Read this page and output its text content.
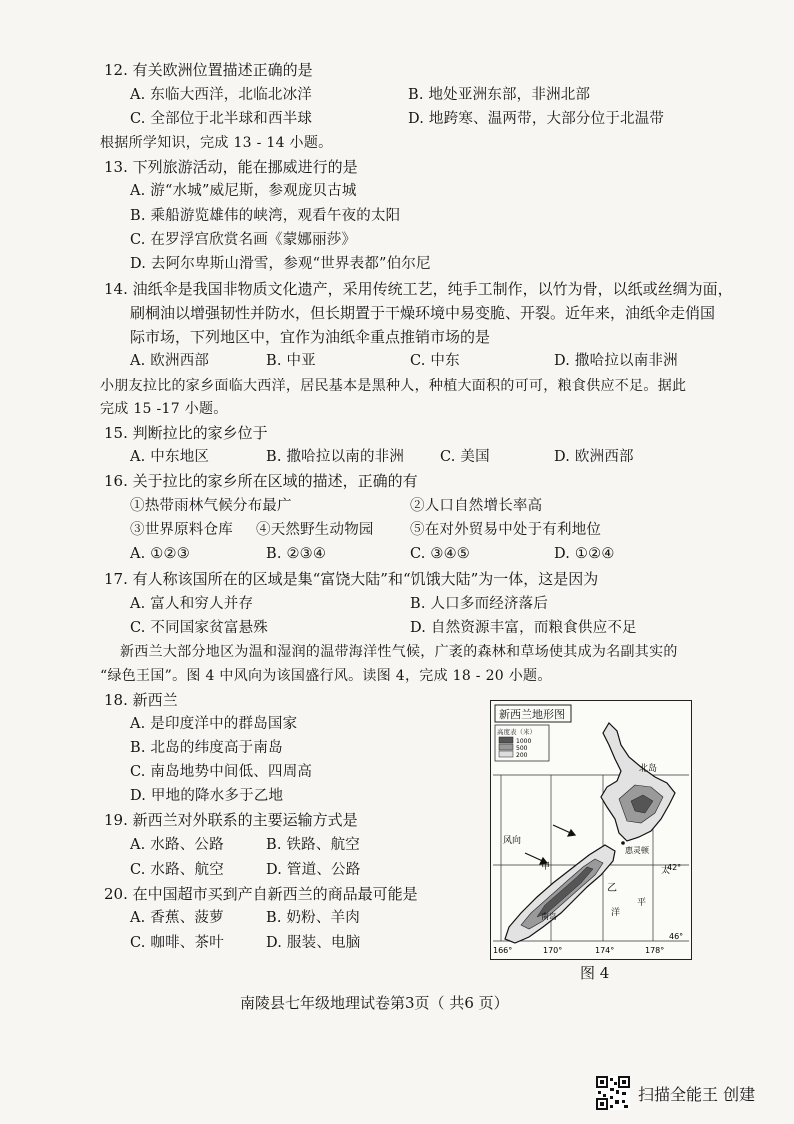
12. 有关欧洲位置描述正确的是
A. 东临大西洋，北临北冰洋	B. 地处亚洲东部，非洲北部
C. 全部位于北半球和西半球	D. 地跨寒、温两带，大部分位于北温带
根据所学知识，完成 13 - 14 小题。
13. 下列旅游活动，能在挪威进行的是
A. 游“水城”威尼斯，参观庞贝古城
B. 乘船游览雄伟的峡湾，观看午夜的太阳
C. 在罗浮宫欣赏名画《蒙娜丽莎》
D. 去阿尔卑斯山滑雪，参观“世界表都”伯尔尼
14. 油纸伞是我国非物质文化遗产，采用传统工艺，纯手工制作，以竹为骨，以纸或丝绸为面，
刷桐油以增强韧性并防水，但长期置于干燥环境中易变脆、开裂。近年来，油纸伞走俏国
际市场，下列地区中，宜作为油纸伞重点推销市场的是
A. 欧洲西部	B. 中亚	C. 中东	D. 撒哈拉以南非洲
小朋友拉比的家乡面临大西洋，居民基本是黑种人，种植大面积的可可，粮食供应不足。据此
完成 15 -17 小题。
15. 判断拉比的家乡位于
A. 中东地区	B. 撒哈拉以南的非洲 C. 美国	D. 欧洲西部
16. 关于拉比的家乡所在区域的描述，正确的有
①热带雨林气候分布最广	②人口自然增长率高
③世界原料仓库 ④天然野生动物园	⑤在对外贸易中处于有利地位
A. ①②③	B. ②③④	C. ③④⑤	D. ①②④
17. 有人称该国所在的区域是集“富饶大陆”和“饥饿大陆”为一体，这是因为
A. 富人和穷人并存	B. 人口多而经济落后
C. 不同国家贫富悬殊	D. 自然资源丰富，而粮食供应不足
新西兰大部分地区为温和湿润的温带海洋性气候，广袤的森林和草场使其成为名副其实的
“绿色王国”。图 4 中风向为该国盛行风。读图 4，完成 18 - 20 小题。
18. 新西兰
A. 是印度洋中的群岛国家
B. 北岛的纬度高于南岛
C. 南岛地势中间低、四周高
D. 甲地的降水多于乙地
19. 新西兰对外联系的主要运输方式是
A. 水路、公路	B. 铁路、航空
C. 水路、航空	D. 管道、公路
20. 在中国超市买到产自新西兰的商品最可能是
A. 香蕉、菠萝	B. 奶粉、羊肉
C. 咖啡、茶叶	D. 服装、电脑
新西兰地形图
高度表（米）
1000
500
200
风向
甲
乙
北岛
南岛
惠灵顿
太
平
洋
42°
46°
166°	170°	174°	178°
图 4
南陵县七年级地理试卷第3页（ 共6 页）
扫描全能王 创建
